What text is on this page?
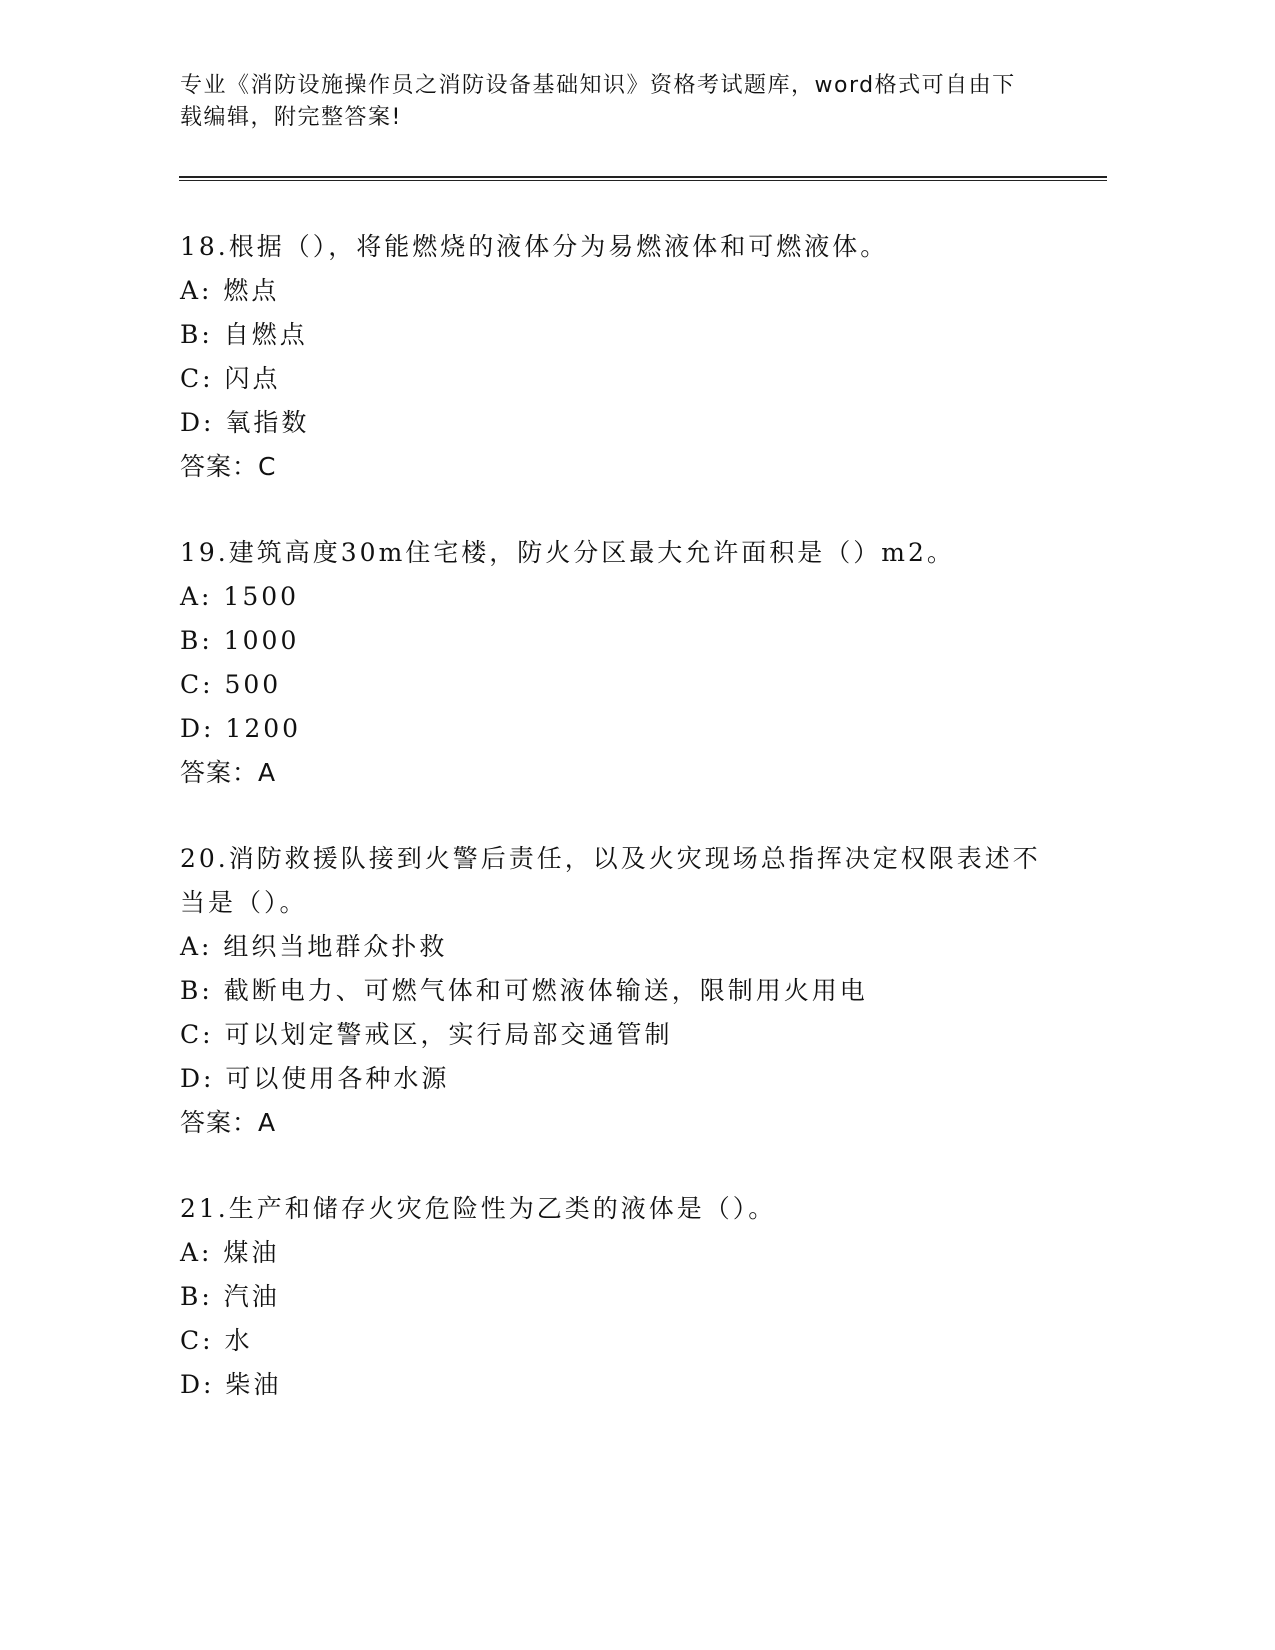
专业《消防设施操作员之消防设备基础知识》资格考试题库，word格式可自由下
载编辑，附完整答案!
18.根据（），将能燃烧的液体分为易燃液体和可燃液体。
A: 燃点
B: 自燃点
C: 闪点
D: 氧指数
答案：C
19.建筑高度30m住宅楼，防火分区最大允许面积是（）m2。
A: 1500
B: 1000
C: 500
D: 1200
答案：A
20.消防救援队接到火警后责任，以及火灾现场总指挥决定权限表述不当是（）。
A: 组织当地群众扑救
B: 截断电力、可燃气体和可燃液体输送，限制用火用电
C: 可以划定警戒区，实行局部交通管制
D: 可以使用各种水源
答案：A
21.生产和储存火灾危险性为乙类的液体是（）。
A: 煤油
B: 汽油
C: 水
D: 柴油
